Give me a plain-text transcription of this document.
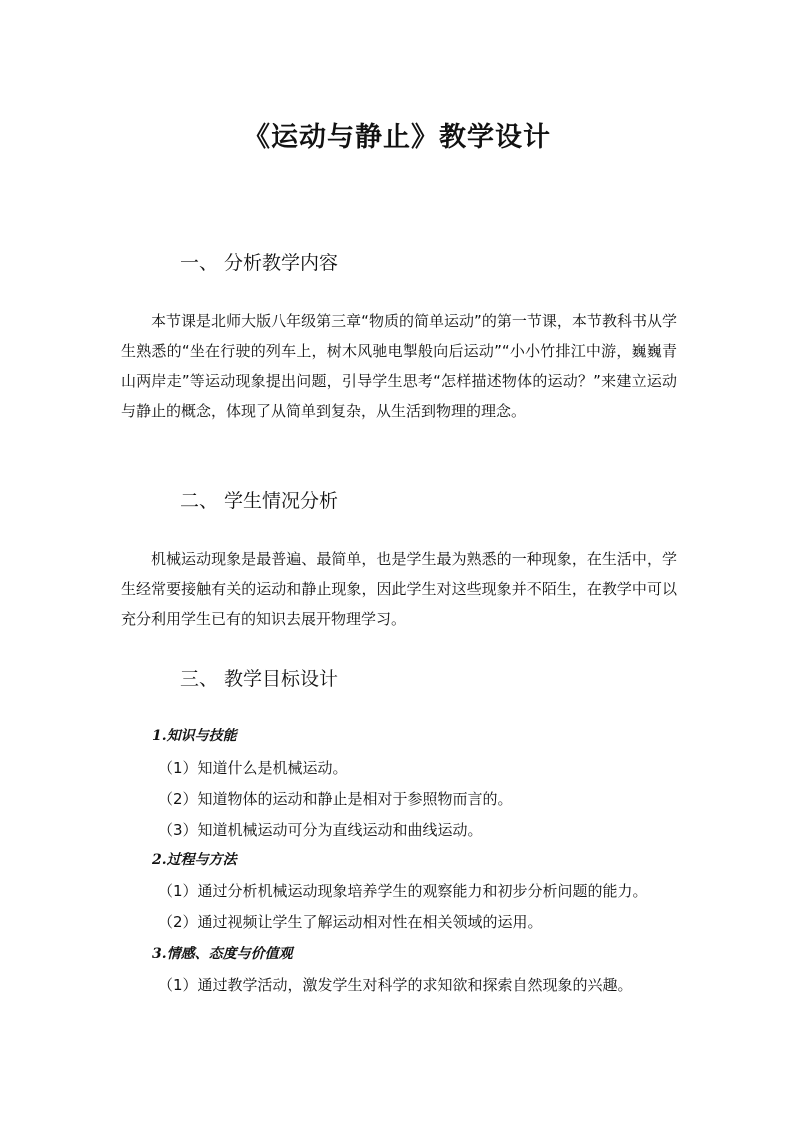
《运动与静止》教学设计
一、 分析教学内容

本节课是北师大版八年级第三章“物质的简单运动”的第一节课，本节教科书从学生熟悉的“坐在行驶的列车上，树木风驰电掣般向后运动”“小小竹排江中游，巍巍青山两岸走”等运动现象提出问题，引导学生思考“怎样描述物体的运动？”来建立运动与静止的概念，体现了从简单到复杂，从生活到物理的理念。

二、 学生情况分析

机械运动现象是最普遍、最简单，也是学生最为熟悉的一种现象，在生活中，学生经常要接触有关的运动和静止现象，因此学生对这些现象并不陌生，在教学中可以充分利用学生已有的知识去展开物理学习。

三、 教学目标设计
1.知识与技能
（1）知道什么是机械运动。
（2）知道物体的运动和静止是相对于参照物而言的。
（3）知道机械运动可分为直线运动和曲线运动。
2.过程与方法
（1）通过分析机械运动现象培养学生的观察能力和初步分析问题的能力。
（2）通过视频让学生了解运动相对性在相关领域的运用。
3.情感、态度与价值观
（1）通过教学活动，激发学生对科学的求知欲和探索自然现象的兴趣。
